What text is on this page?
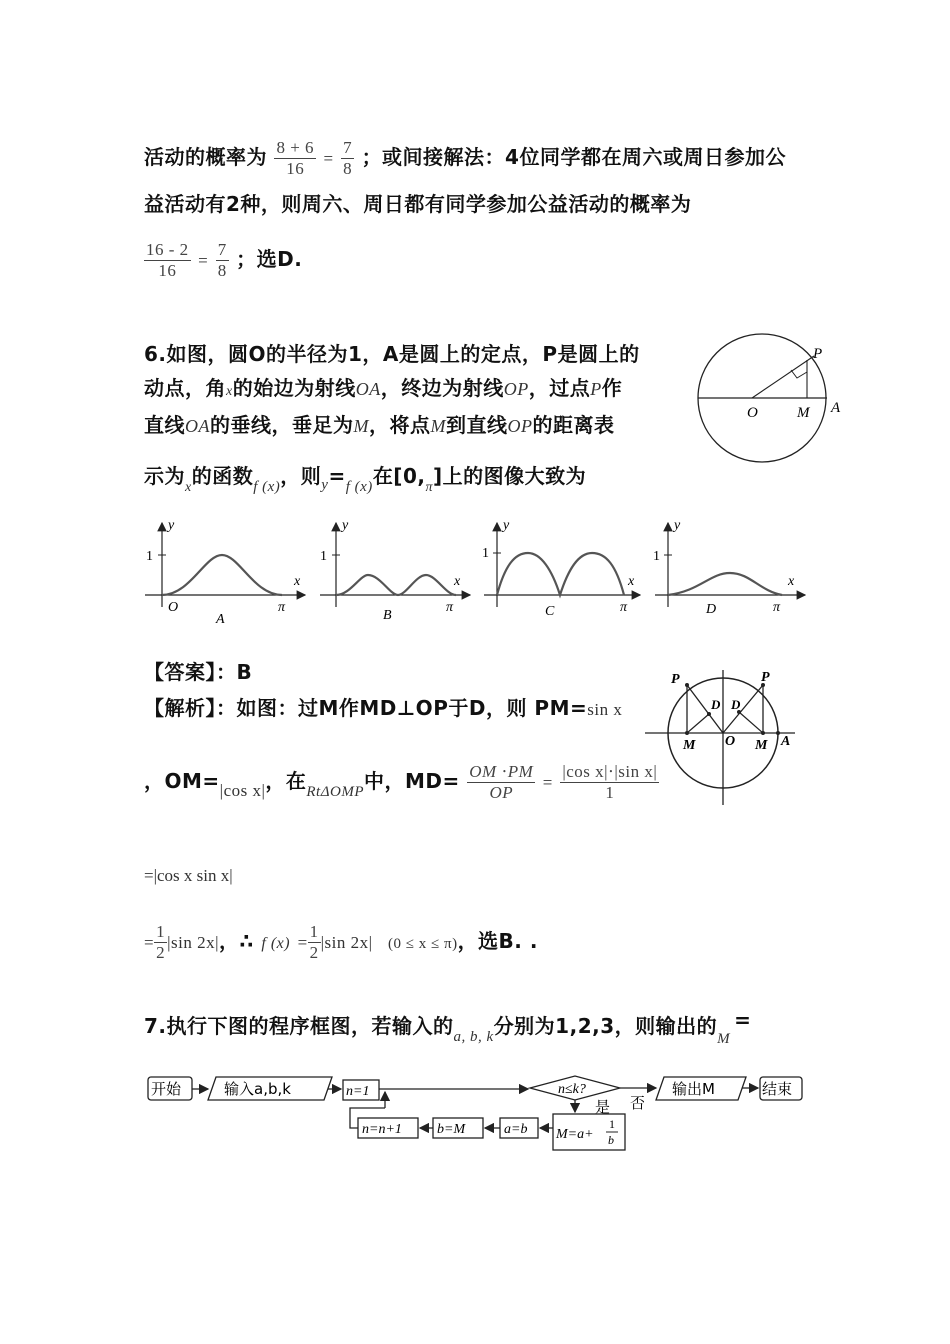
活动的概率为 $\frac{8 + 6}{16} = \frac{7}{8}$ ；或间接解法：4位同学都在周六或周日参加公
益活动有2种，则周六、周日都有同学参加公益活动的概率为
$\frac{16 - 2}{16} = \frac{7}{8}$ ；选D.
6.如图，圆O的半径为1，A是圆上的定点，P是圆上的
动点，角x的始边为射线OA，终边为射线OP，过点P作
直线OA的垂线，垂足为M，将点M到直线OP的距离表
示为$_x$的函数$_{f (x)}$，则$_y=_{f (x)}$在$[0,_\pi]$上的图像大致为
P
O	M A
y
1
x
O	π
A
y
1
x
π
B
y
1
x
π
C
y
1
x
π
D
【答案】：B
【解析】：如图：过M作MD⊥OP于D，则 PM=sin x
，$OM=_{|cos x|}$，在$_{Rt\Delta OMP}$中，$MD= \frac{OM \cdot PM}{OP} = \frac{\text{|cos x|⋅|sin x|}}{1}$
=|cos x sin x|
= $\frac{1}{2} |\sin$ 2x|，∴ f $(x) = \frac{1}{2} |\sin$ 2x| (0 ≤ x ≤ π)，选B. .
P	P
D D
M O M A
7.执行下图的程序框图，若输入的$_{a, b, k}$分别为1,2,3，则输出的$_M$=
开始	输入a,b,k	n=1	n≤k?
是 否
输出M	结束
M=a+
1
b
a=b
b=M
n=n+1
